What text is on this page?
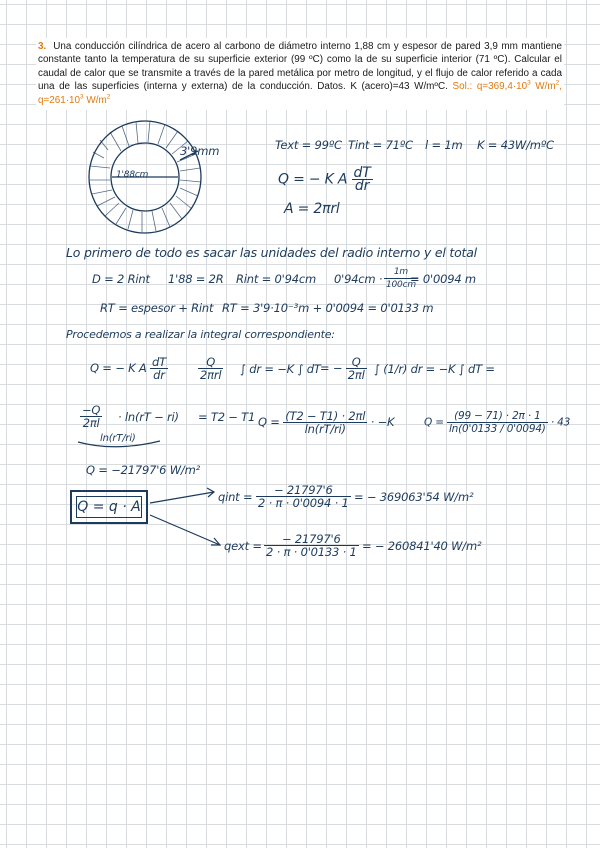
3. Una conducción cilíndrica de acero al carbono de diámetro interno 1,88 cm y espesor de pared 3,9 mm mantiene constante tanto la temperatura de su superficie exterior (99 ºC) como la de su superficie interior (71 ºC). Calcular el caudal de calor que se transmite a través de la pared metálica por metro de longitud, y el flujo de calor referido a cada una de las superficies (interna y externa) de la conducción. Datos. K (acero)=43 W/mºC. Sol.: $q=369,4\cdot 10^3$ $W/m^2$, $q=261\cdot 10^3$ $W/m^2$
3'9mm
1'88cm
Text = 99ºC Tint = 71ºC l = 1m K = 43W/mºC
Q = − K A $\frac{dT}{dr}$
A = 2πrl
Lo primero de todo es sacar las unidades del radio interno y el total
D = 2 Rint 1'88 = 2R Rint = 0'94cm $0'94cm \cdot \frac{1m}{100cm}$
= 0'0094 m
RT = espesor + Rint RT = 3'9·10⁻³m + 0'0094 = 0'0133 m
Procedemos a realizar la integral correspondiente:
Q = − K A $\frac{dT}{dr}$	$\frac{Q}{\text{2πrl}}$ ∫ dr = −K ∫ dT = − $\frac{Q}{2\pi l}$ ∫ (1/r) dr = −K ∫ dT =
$\frac{-Q}{2\pi l} \cdot \ln(rT - ri) = T2 - T1$
ln(rT/ri)
$Q = \frac{(T2 - T1) \cdot 2\pi l}{\ln(rT/ri)} \cdot -K$	$Q = \frac{(99 - 71) \cdot 2\pi \cdot 1}{\ln(0'0133 / 0'0094)} \cdot 43$
Q = −21797'6 W/m²
Q = q · A
qint = $\frac{- 21797'6}{2 \cdot \pi \cdot 0'0094 \cdot 1}$ = − 369063'54 W/m²
qext = $\frac{- 21797'6}{2 \cdot \pi \cdot 0'0133 \cdot 1}$ = − 260841'40 W/m²
